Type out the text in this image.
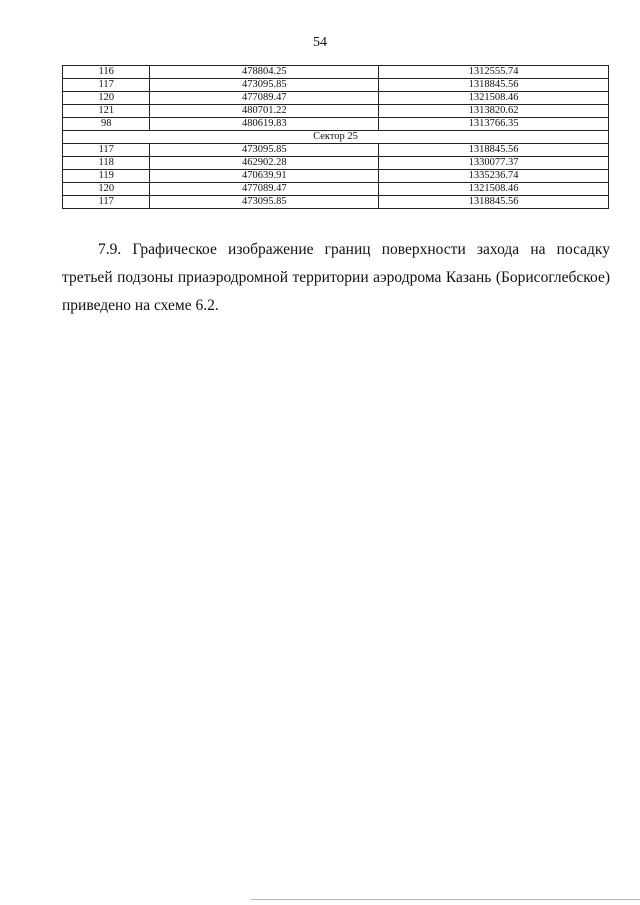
54
116	478804.25	1312555.74
117	473095.85	1318845.56
120	477089.47	1321508.46
121	480701.22	1313820.62
98	480619.83	1313766.35
Сектор 25		
117	473095.85	1318845.56
118	462902.28	1330077.37
119	470639.91	1335236.74
120	477089.47	1321508.46
117	473095.85	1318845.56

7.9. Графическое изображение границ поверхности захода на посадку третьей подзоны приаэродромной территории аэродрома Казань (Борисоглебское) приведено на схеме 6.2.
